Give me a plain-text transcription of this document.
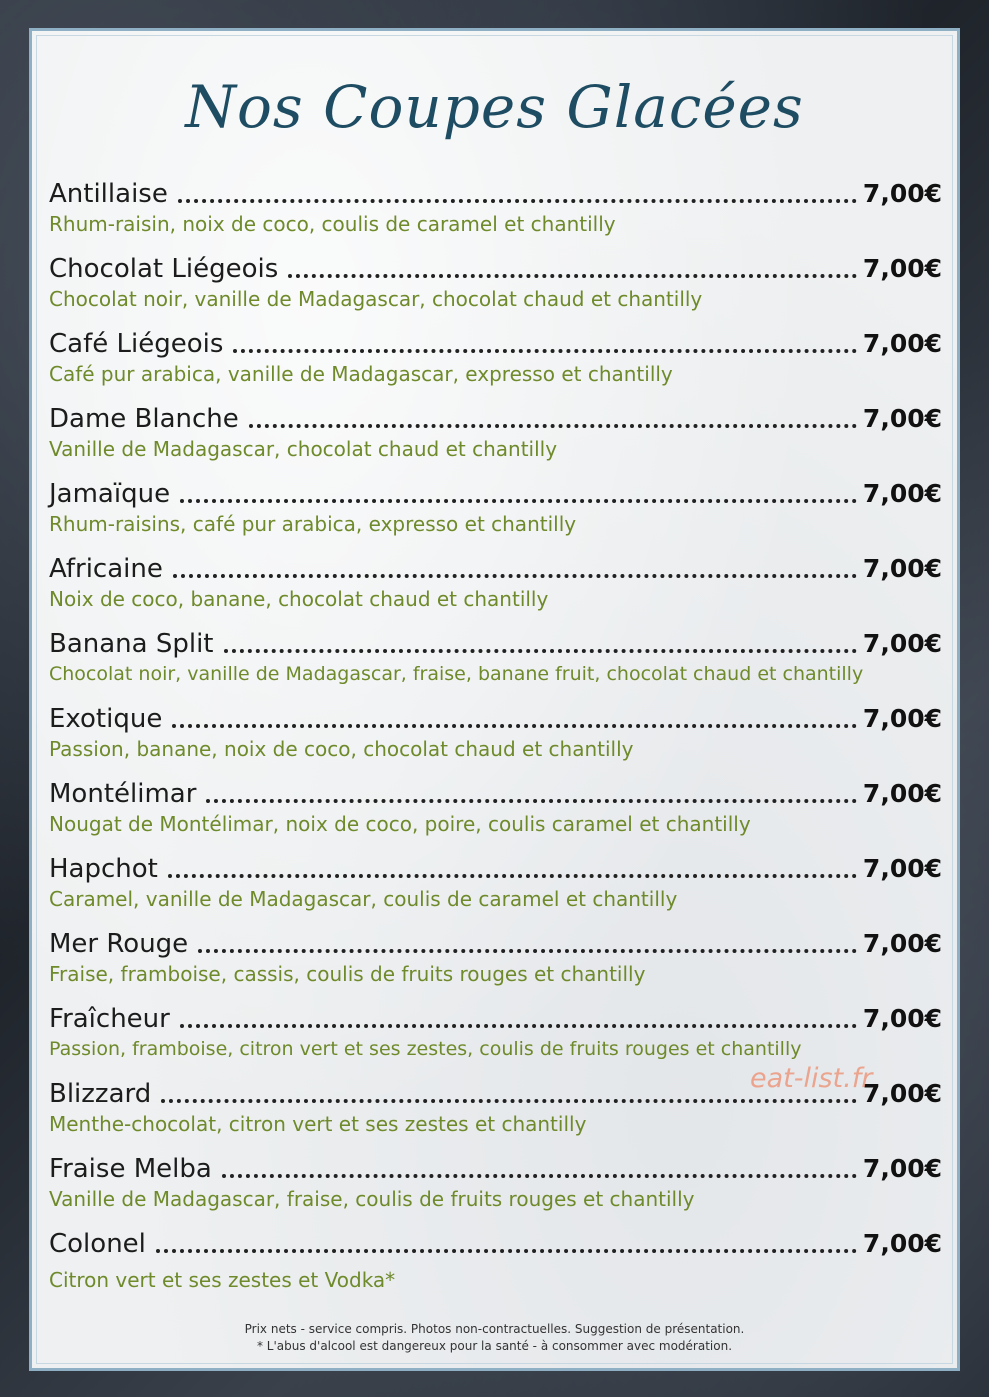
Nos Coupes Glacées
Antillaise	7,00€
Rhum-raisin, noix de coco, coulis de caramel et chantilly
Chocolat Liégeois	7,00€
Chocolat noir, vanille de Madagascar, chocolat chaud et chantilly
Café Liégeois	7,00€
Café pur arabica, vanille de Madagascar, expresso et chantilly
Dame Blanche	7,00€
Vanille de Madagascar, chocolat chaud et chantilly
Jamaïque	7,00€
Rhum-raisins, café pur arabica, expresso et chantilly
Africaine	7,00€
Noix de coco, banane, chocolat chaud et chantilly
Banana Split	7,00€
Chocolat noir, vanille de Madagascar, fraise, banane fruit, chocolat chaud et chantilly
Exotique	7,00€
Passion, banane, noix de coco, chocolat chaud et chantilly
Montélimar	7,00€
Nougat de Montélimar, noix de coco, poire, coulis caramel et chantilly
Hapchot	7,00€
Caramel, vanille de Madagascar, coulis de caramel et chantilly
Mer Rouge	7,00€
Fraise, framboise, cassis, coulis de fruits rouges et chantilly
Fraîcheur	7,00€
Passion, framboise, citron vert et ses zestes, coulis de fruits rouges et chantilly
Blizzard	7,00€
Menthe-chocolat, citron vert et ses zestes et chantilly
Fraise Melba	7,00€
Vanille de Madagascar, fraise, coulis de fruits rouges et chantilly
Colonel	7,00€
Citron vert et ses zestes et Vodka*
Prix nets - service compris. Photos non-contractuelles. Suggestion de présentation.
* L'abus d'alcool est dangereux pour la santé - à consommer avec modération.
eat-list.fr
